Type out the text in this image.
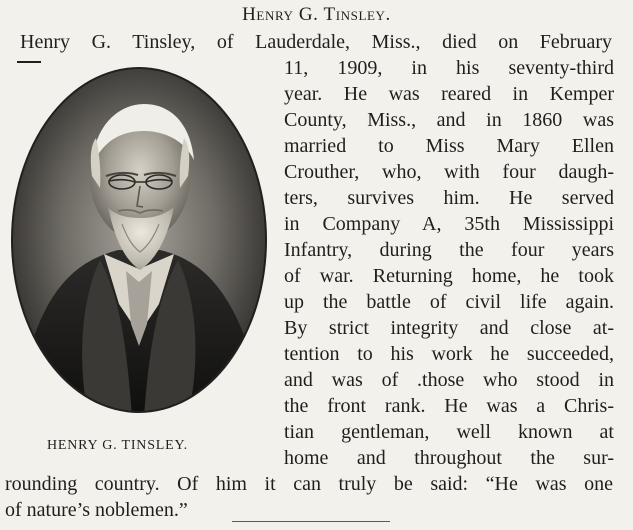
Henry G. Tinsley.
Henry G. Tinsley, of Lauderdale, Miss., died on February
11, 1909, in his seventy-third
year. He was reared in Kemper
County, Miss., and in 1860 was
married to Miss Mary Ellen
Crouther, who, with four daugh-
ters, survives him. He served
in Company A, 35th Mississippi
Infantry, during the four years
of war. Returning home, he took
up the battle of civil life again.
By strict integrity and close at-
tention to his work he succeeded,
and was of .those who stood in
the front rank. He was a Chris-
tian gentleman, well known at
home and throughout the sur-
HENRY G. TINSLEY.
rounding country. Of him it can truly be said: “He was one
of nature’s noblemen.”
